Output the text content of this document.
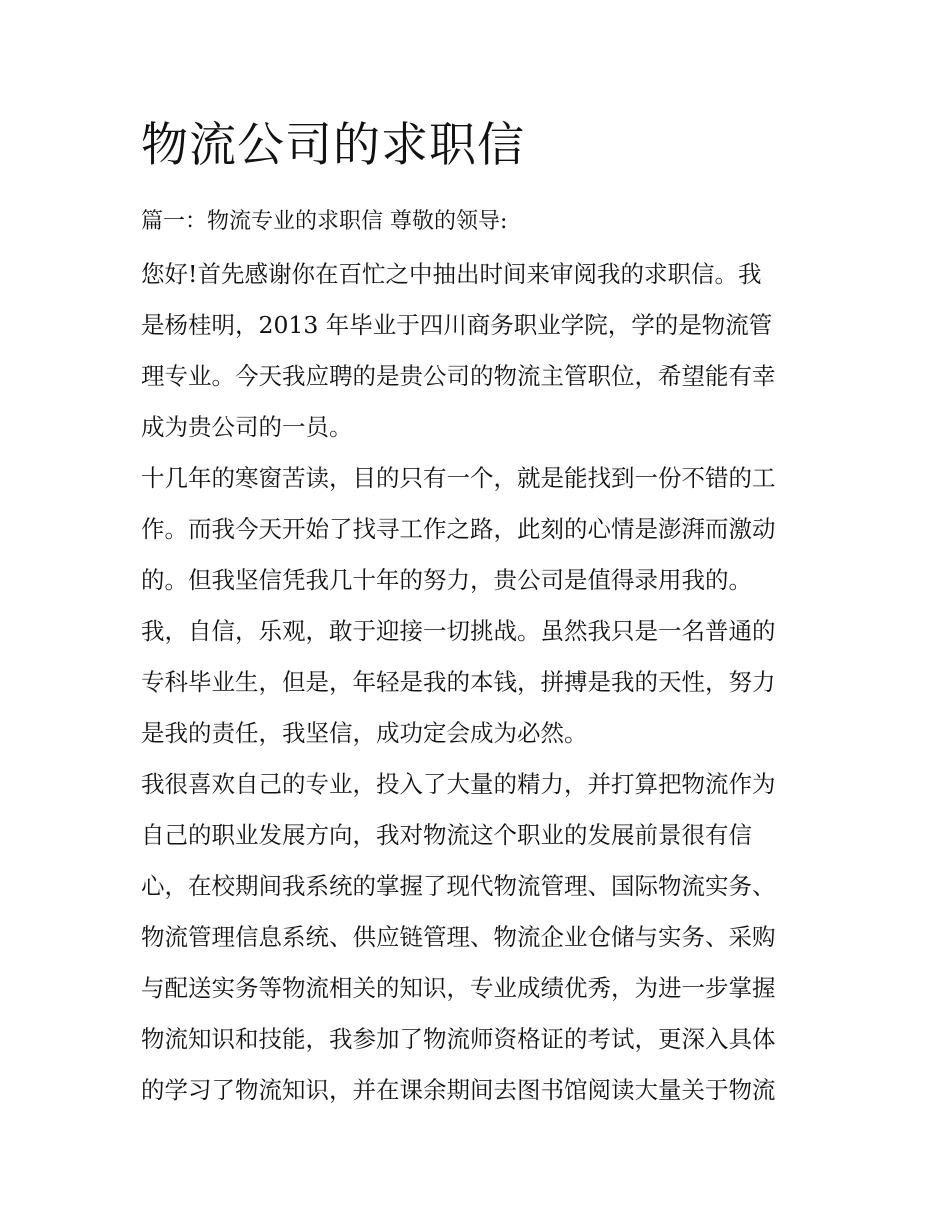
物流公司的求职信

篇一：物流专业的求职信 尊敬的领导:

您好!首先感谢你在百忙之中抽出时间来审阅我的求职信。我
是杨桂明，2013 年毕业于四川商务职业学院，学的是物流管
理专业。今天我应聘的是贵公司的物流主管职位，希望能有幸
成为贵公司的一员。
十几年的寒窗苦读，目的只有一个，就是能找到一份不错的工
作。而我今天开始了找寻工作之路，此刻的心情是澎湃而激动
的。但我坚信凭我几十年的努力，贵公司是值得录用我的。
我，自信，乐观，敢于迎接一切挑战。虽然我只是一名普通的
专科毕业生，但是，年轻是我的本钱，拼搏是我的天性，努力
是我的责任，我坚信，成功定会成为必然。
我很喜欢自己的专业，投入了大量的精力，并打算把物流作为
自己的职业发展方向，我对物流这个职业的发展前景很有信
心，在校期间我系统的掌握了现代物流管理、国际物流实务、
物流管理信息系统、供应链管理、物流企业仓储与实务、采购
与配送实务等物流相关的知识，专业成绩优秀，为进一步掌握
物流知识和技能，我参加了物流师资格证的考试，更深入具体
的学习了物流知识，并在课余期间去图书馆阅读大量关于物流
